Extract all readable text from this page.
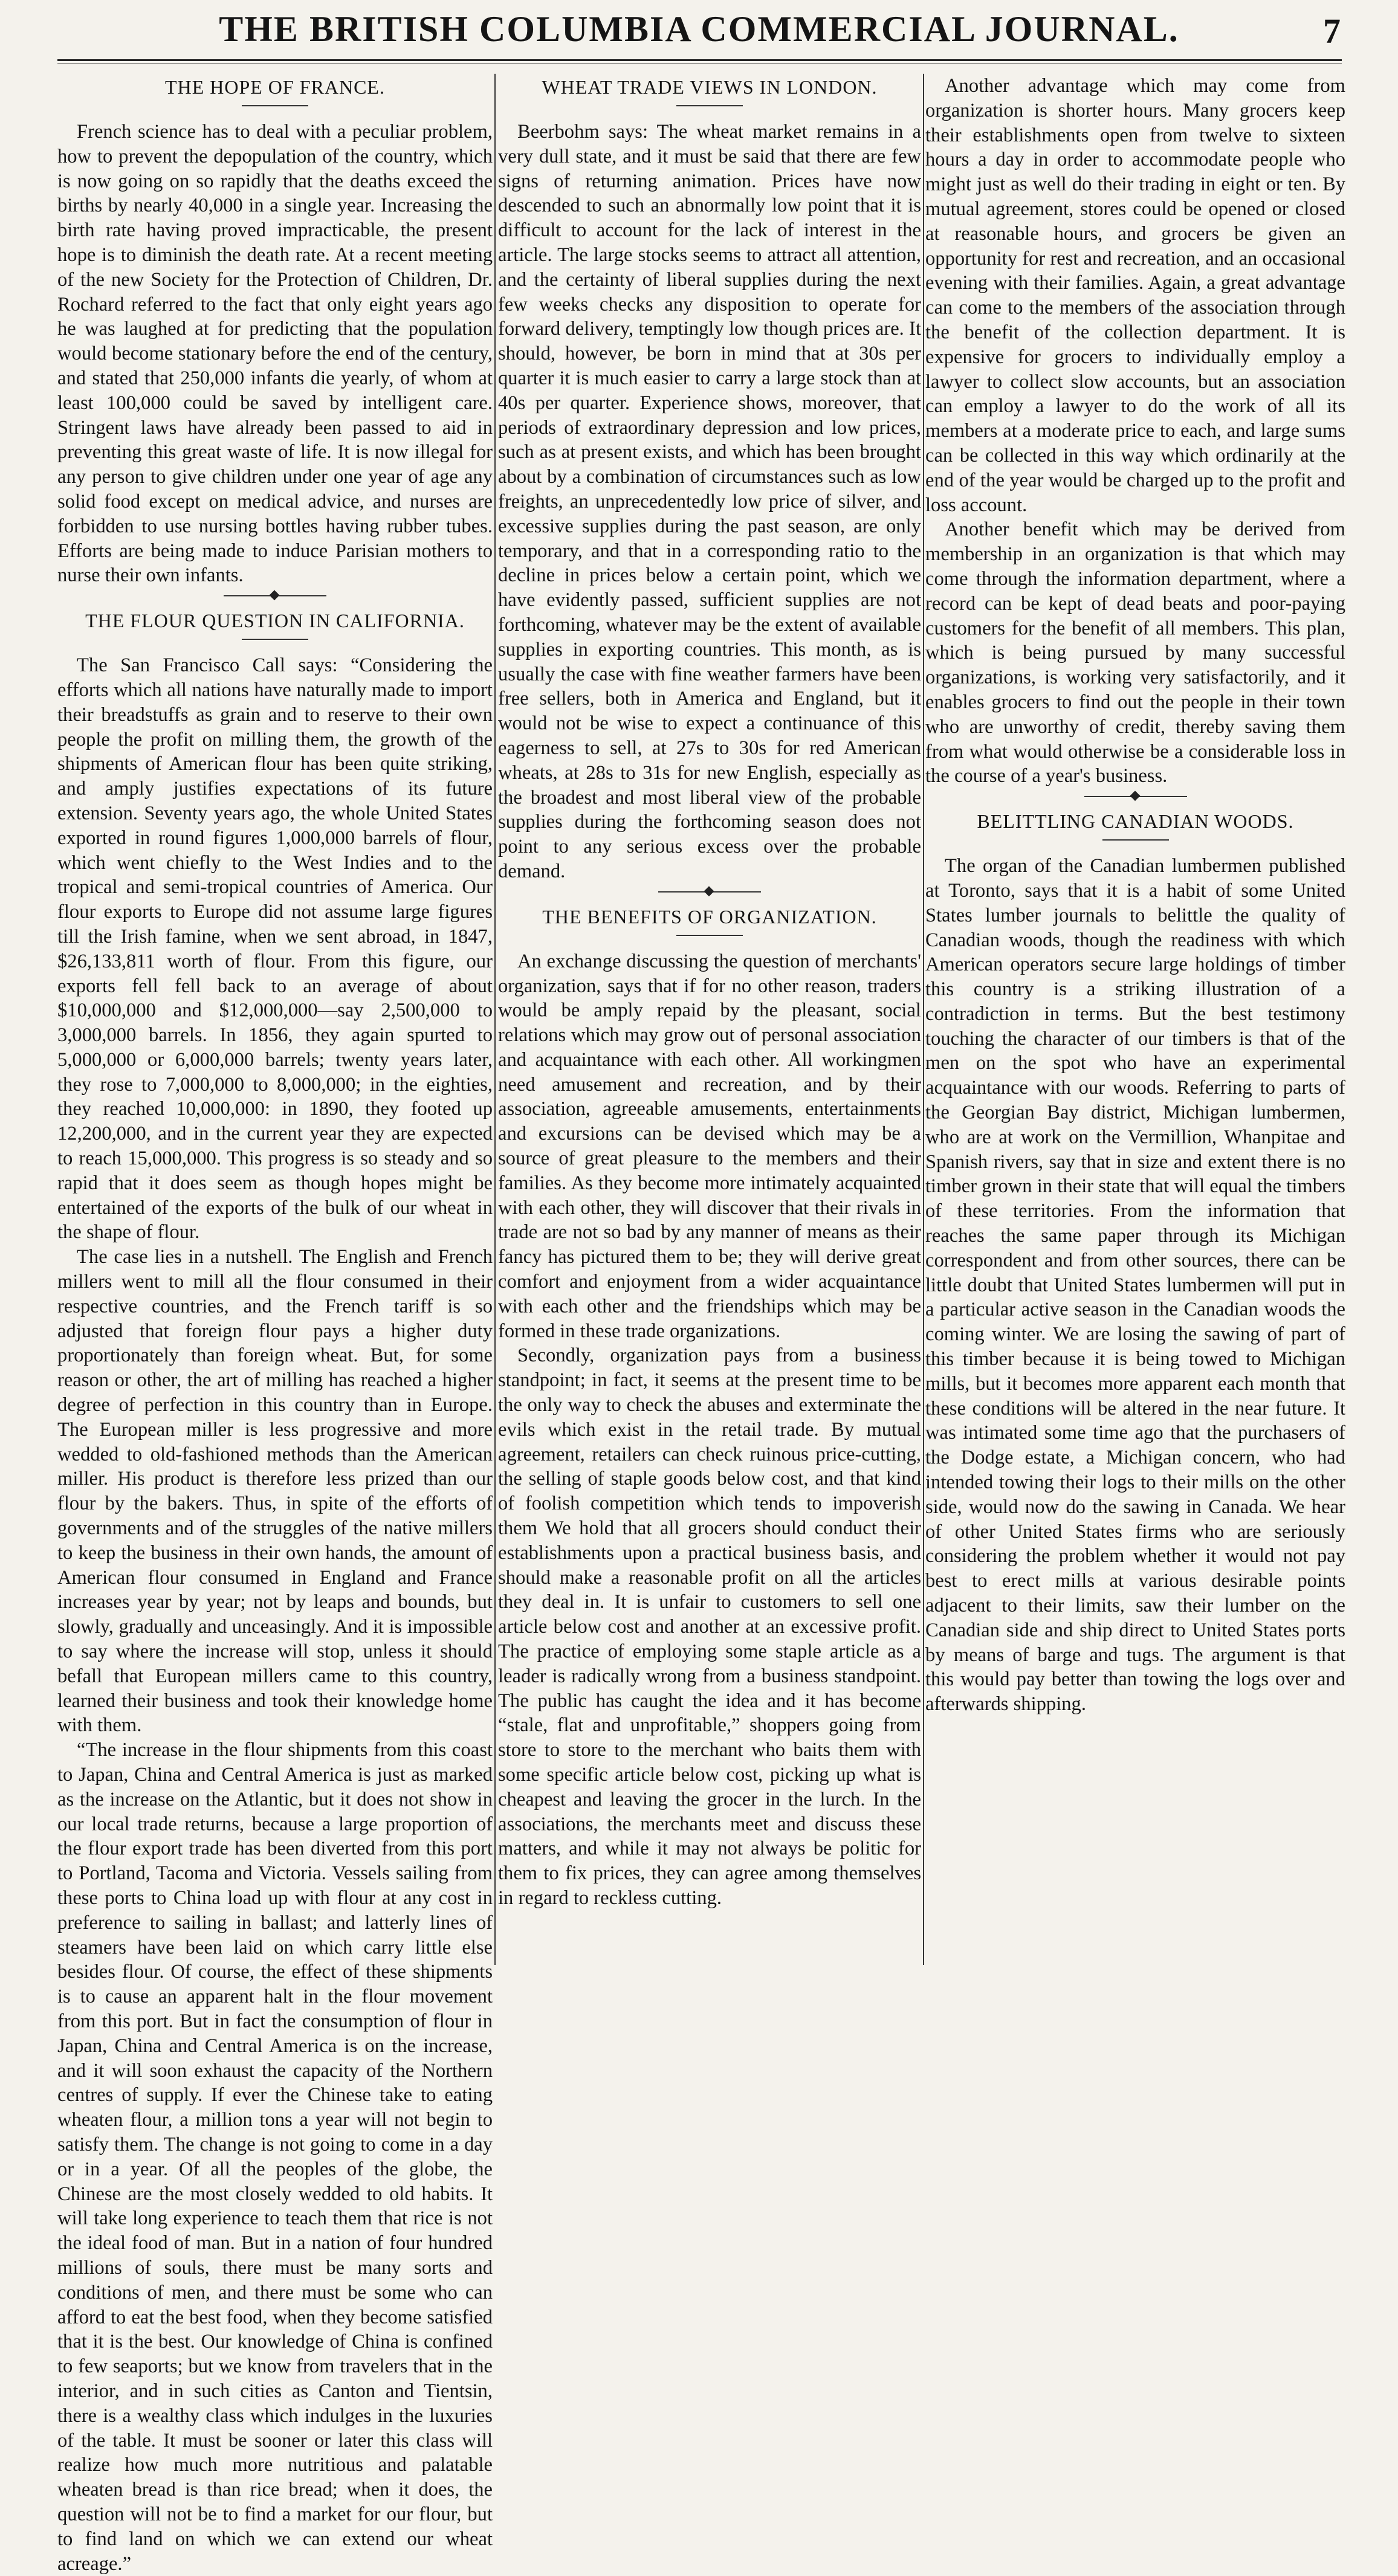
THE BRITISH COLUMBIA COMMERCIAL JOURNAL.	7
THE HOPE OF FRANCE.

French science has to deal with a peculiar problem, how to prevent the depopulation of the country, which is now going on so rapidly that the deaths exceed the births by nearly 40,000 in a single year. Increasing the birth rate having proved impracticable, the present hope is to diminish the death rate. At a recent meeting of the new Society for the Protection of Children, Dr. Rochard referred to the fact that only eight years ago he was laughed at for predicting that the population would become stationary before the end of the century, and stated that 250,000 infants die yearly, of whom at least 100,000 could be saved by intelligent care. Stringent laws have already been passed to aid in preventing this great waste of life. It is now illegal for any person to give children under one year of age any solid food except on medical advice, and nurses are forbidden to use nursing bottles having rubber tubes. Efforts are being made to induce Parisian mothers to nurse their own infants.

THE FLOUR QUESTION IN CALIFORNIA.

The San Francisco Call says: “Considering the efforts which all nations have naturally made to import their breadstuffs as grain and to reserve to their own people the profit on milling them, the growth of the shipments of American flour has been quite striking, and amply justifies expectations of its future extension. Seventy years ago, the whole United States exported in round figures 1,000,000 barrels of flour, which went chiefly to the West Indies and to the tropical and semi-tropical countries of America. Our flour exports to Europe did not assume large figures till the Irish famine, when we sent abroad, in 1847, $26,133,811 worth of flour. From this figure, our exports fell fell back to an average of about $10,000,000 and $12,000,000—say 2,500,000 to 3,000,000 barrels. In 1856, they again spurted to 5,000,000 or 6,000,000 barrels; twenty years later, they rose to 7,000,000 to 8,000,000; in the eighties, they reached 10,000,000: in 1890, they footed up 12,200,000, and in the current year they are expected to reach 15,000,000. This progress is so steady and so rapid that it does seem as though hopes might be entertained of the exports of the bulk of our wheat in the shape of flour.

The case lies in a nutshell. The English and French millers went to mill all the flour consumed in their respective countries, and the French tariff is so adjusted that foreign flour pays a higher duty proportionately than foreign wheat. But, for some reason or other, the art of milling has reached a higher degree of perfection in this country than in Europe. The European miller is less progressive and more wedded to old-fashioned methods than the American miller. His product is therefore less prized than our flour by the bakers. Thus, in spite of the efforts of governments and of the struggles of the native millers to keep the business in their own hands, the amount of American flour consumed in England and France increases year by year; not by leaps and bounds, but slowly, gradually and unceasingly. And it is impossible to say where the increase will stop, unless it should befall that European millers came to this country, learned their business and took their knowledge home with them.

“The increase in the flour shipments from this coast to Japan, China and Central America is just as marked as the increase on the Atlantic, but it does not show in our local trade returns, because a large proportion of the flour export trade has been diverted from this port to Portland, Tacoma and Victoria. Vessels sailing from these ports to China load up with flour at any cost in preference to sailing in ballast; and latterly lines of steamers have been laid on which carry little else besides flour. Of course, the effect of these shipments is to cause an apparent halt in the flour movement from this port. But in fact the consumption of flour in Japan, China and Central America is on the increase, and it will soon exhaust the capacity of the Northern centres of supply. If ever the Chinese take to eating wheaten flour, a million tons a year will not begin to satisfy them. The change is not going to come in a day or in a year. Of all the peoples of the globe, the Chinese are the most closely wedded to old habits. It will take long experience to teach them that rice is not the ideal food of man. But in a nation of four hundred millions of souls, there must be many sorts and conditions of men, and there must be some who can afford to eat the best food, when they become satisfied that it is the best. Our knowledge of China is confined to few seaports; but we know from travelers that in the interior, and in such cities as Canton and Tientsin, there is a wealthy class which indulges in the luxuries of the table. It must be sooner or later this class will realize how much more nutritious and palatable wheaten bread is than rice bread; when it does, the question will not be to find a market for our flour, but to find land on which we can extend our wheat acreage.”

WHEAT TRADE VIEWS IN LONDON.

Beerbohm says: The wheat market remains in a very dull state, and it must be said that there are few signs of returning animation. Prices have now descended to such an abnormally low point that it is difficult to account for the lack of interest in the article. The large stocks seems to attract all attention, and the certainty of liberal supplies during the next few weeks checks any disposition to operate for forward delivery, temptingly low though prices are. It should, however, be born in mind that at 30s per quarter it is much easier to carry a large stock than at 40s per quarter. Experience shows, moreover, that periods of extraordinary depression and low prices, such as at present exists, and which has been brought about by a combination of circumstances such as low freights, an unprecedentedly low price of silver, and excessive supplies during the past season, are only temporary, and that in a corresponding ratio to the decline in prices below a certain point, which we have evidently passed, sufficient supplies are not forthcoming, whatever may be the extent of available supplies in exporting countries. This month, as is usually the case with fine weather farmers have been free sellers, both in America and England, but it would not be wise to expect a continuance of this eagerness to sell, at 27s to 30s for red American wheats, at 28s to 31s for new English, especially as the broadest and most liberal view of the probable supplies during the forthcoming season does not point to any serious excess over the probable demand.

THE BENEFITS OF ORGANIZATION.

An exchange discussing the question of merchants' organization, says that if for no other reason, traders would be amply repaid by the pleasant, social relations which may grow out of personal association and acquaintance with each other. All workingmen need amusement and recreation, and by their association, agreeable amusements, entertainments and excursions can be devised which may be a source of great pleasure to the members and their families. As they become more intimately acquainted with each other, they will discover that their rivals in trade are not so bad by any manner of means as their fancy has pictured them to be; they will derive great comfort and enjoyment from a wider acquaintance with each other and the friendships which may be formed in these trade organizations.

Secondly, organization pays from a business standpoint; in fact, it seems at the present time to be the only way to check the abuses and exterminate the evils which exist in the retail trade. By mutual agreement, retailers can check ruinous price-cutting, the selling of staple goods below cost, and that kind of foolish competition which tends to impoverish them We hold that all grocers should conduct their establishments upon a practical business basis, and should make a reasonable profit on all the articles they deal in. It is unfair to customers to sell one article below cost and another at an excessive profit. The practice of employing some staple article as a leader is radically wrong from a business standpoint. The public has caught the idea and it has become “stale, flat and unprofitable,” shoppers going from store to store to the merchant who baits them with some specific article below cost, picking up what is cheapest and leaving the grocer in the lurch. In the associations, the merchants meet and discuss these matters, and while it may not always be politic for them to fix prices, they can agree among themselves in regard to reckless cutting.

Another advantage which may come from organization is shorter hours. Many grocers keep their establishments open from twelve to sixteen hours a day in order to accommodate people who might just as well do their trading in eight or ten. By mutual agreement, stores could be opened or closed at reasonable hours, and grocers be given an opportunity for rest and recreation, and an occasional evening with their families. Again, a great advantage can come to the members of the association through the benefit of the collection department. It is expensive for grocers to individually employ a lawyer to collect slow accounts, but an association can employ a lawyer to do the work of all its members at a moderate price to each, and large sums can be collected in this way which ordinarily at the end of the year would be charged up to the profit and loss account.

Another benefit which may be derived from membership in an organization is that which may come through the information department, where a record can be kept of dead beats and poor-paying customers for the benefit of all members. This plan, which is being pursued by many successful organizations, is working very satisfactorily, and it enables grocers to find out the people in their town who are unworthy of credit, thereby saving them from what would otherwise be a considerable loss in the course of a year's business.

BELITTLING CANADIAN WOODS.

The organ of the Canadian lumbermen published at Toronto, says that it is a habit of some United States lumber journals to belittle the quality of Canadian woods, though the readiness with which American operators secure large holdings of timber this country is a striking illustration of a contradiction in terms. But the best testimony touching the character of our timbers is that of the men on the spot who have an experimental acquaintance with our woods. Referring to parts of the Georgian Bay district, Michigan lumbermen, who are at work on the Vermillion, Whanpitae and Spanish rivers, say that in size and extent there is no timber grown in their state that will equal the timbers of these territories. From the information that reaches the same paper through its Michigan correspondent and from other sources, there can be little doubt that United States lumbermen will put in a particular active season in the Canadian woods the coming winter. We are losing the sawing of part of this timber because it is being towed to Michigan mills, but it becomes more apparent each month that these conditions will be altered in the near future. It was intimated some time ago that the purchasers of the Dodge estate, a Michigan concern, who had intended towing their logs to their mills on the other side, would now do the sawing in Canada. We hear of other United States firms who are seriously considering the problem whether it would not pay best to erect mills at various desirable points adjacent to their limits, saw their lumber on the Canadian side and ship direct to United States ports by means of barge and tugs. The argument is that this would pay better than towing the logs over and afterwards shipping.
